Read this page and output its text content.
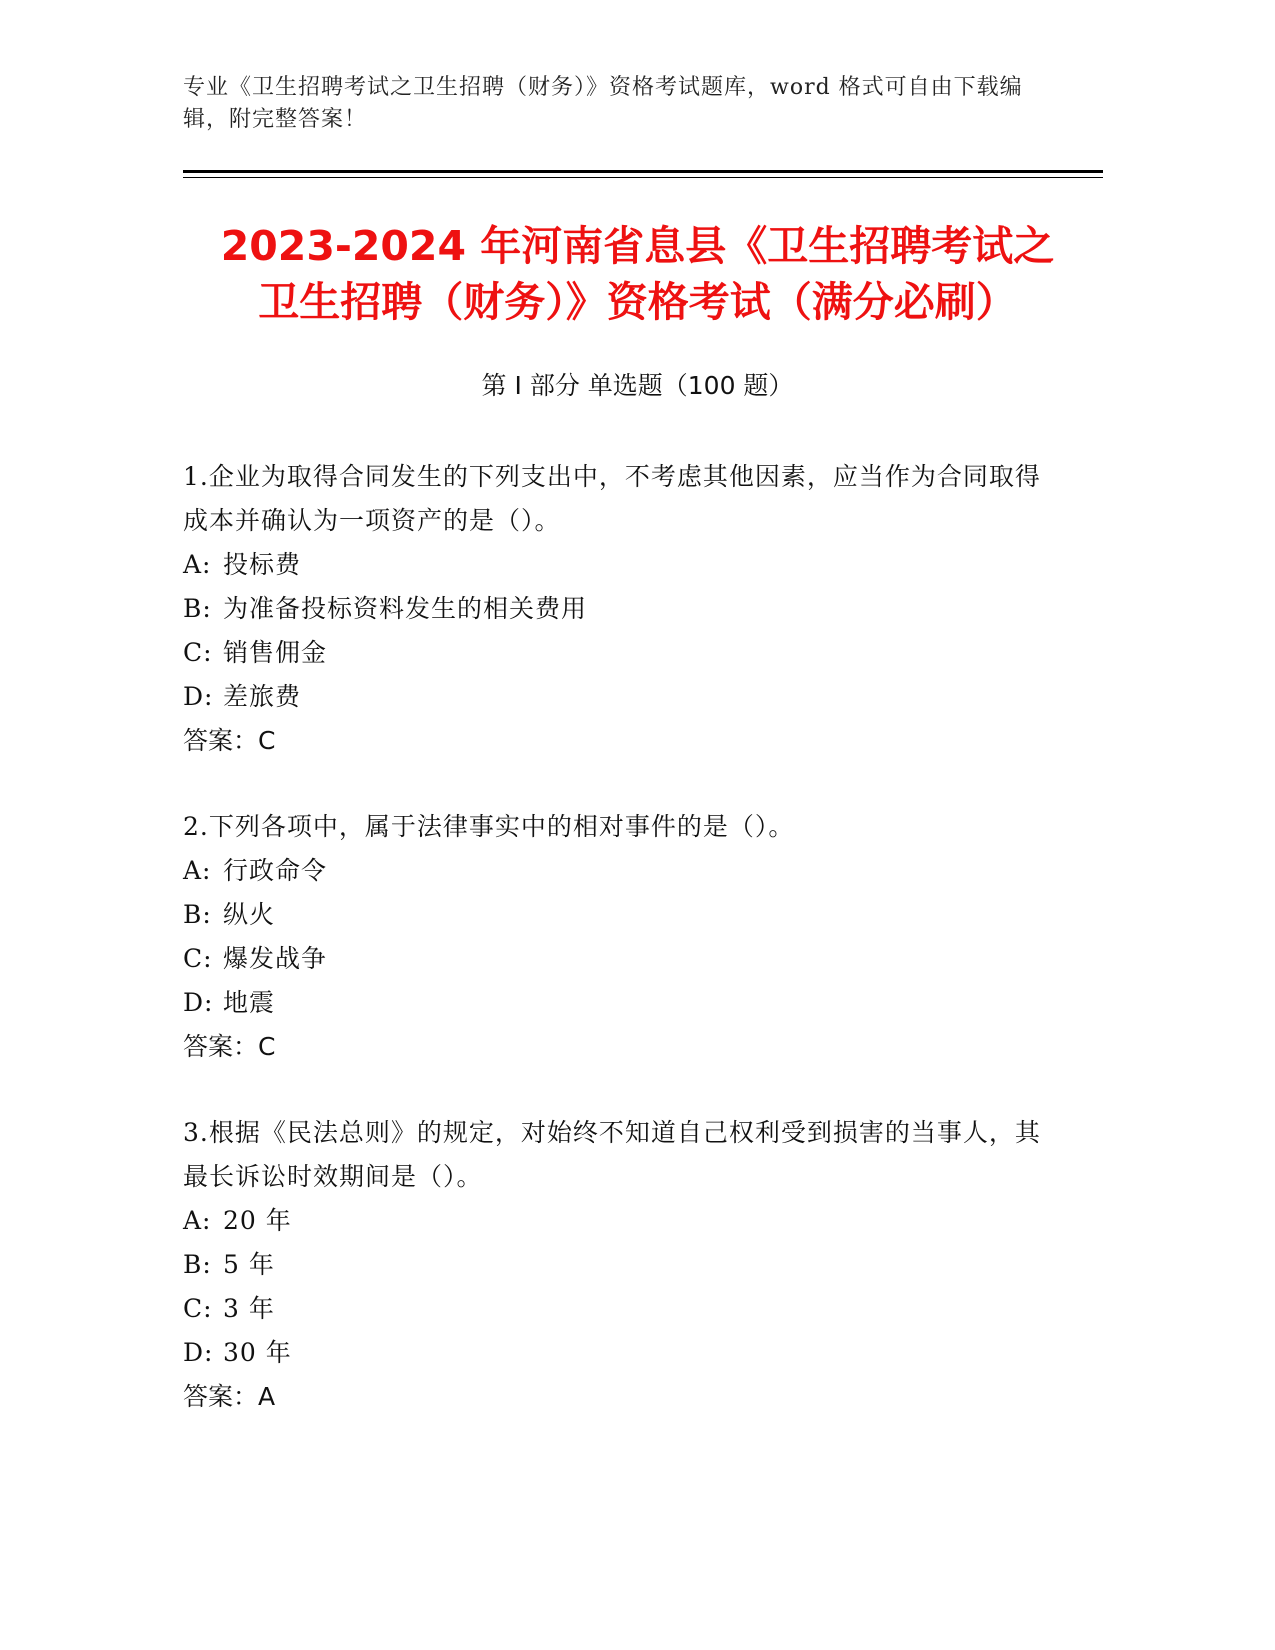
专业《卫生招聘考试之卫生招聘（财务）》资格考试题库，word 格式可自由下载编辑，附完整答案！
2023-2024 年河南省息县《卫生招聘考试之
卫生招聘（财务）》资格考试（满分必刷）
第 I 部分 单选题（100 题）

1.企业为取得合同发生的下列支出中，不考虑其他因素，应当作为合同取得成本并确认为一项资产的是（）。

A: 投标费

B: 为准备投标资料发生的相关费用

C: 销售佣金

D: 差旅费

答案： C

2.下列各项中，属于法律事实中的相对事件的是（）。

A: 行政命令

B: 纵火

C: 爆发战争

D: 地震

答案： C

3.根据《民法总则》的规定，对始终不知道自己权利受到损害的当事人，其最长诉讼时效期间是（）。

A: 20 年

B: 5 年

C: 3 年

D: 30 年

答案： A
